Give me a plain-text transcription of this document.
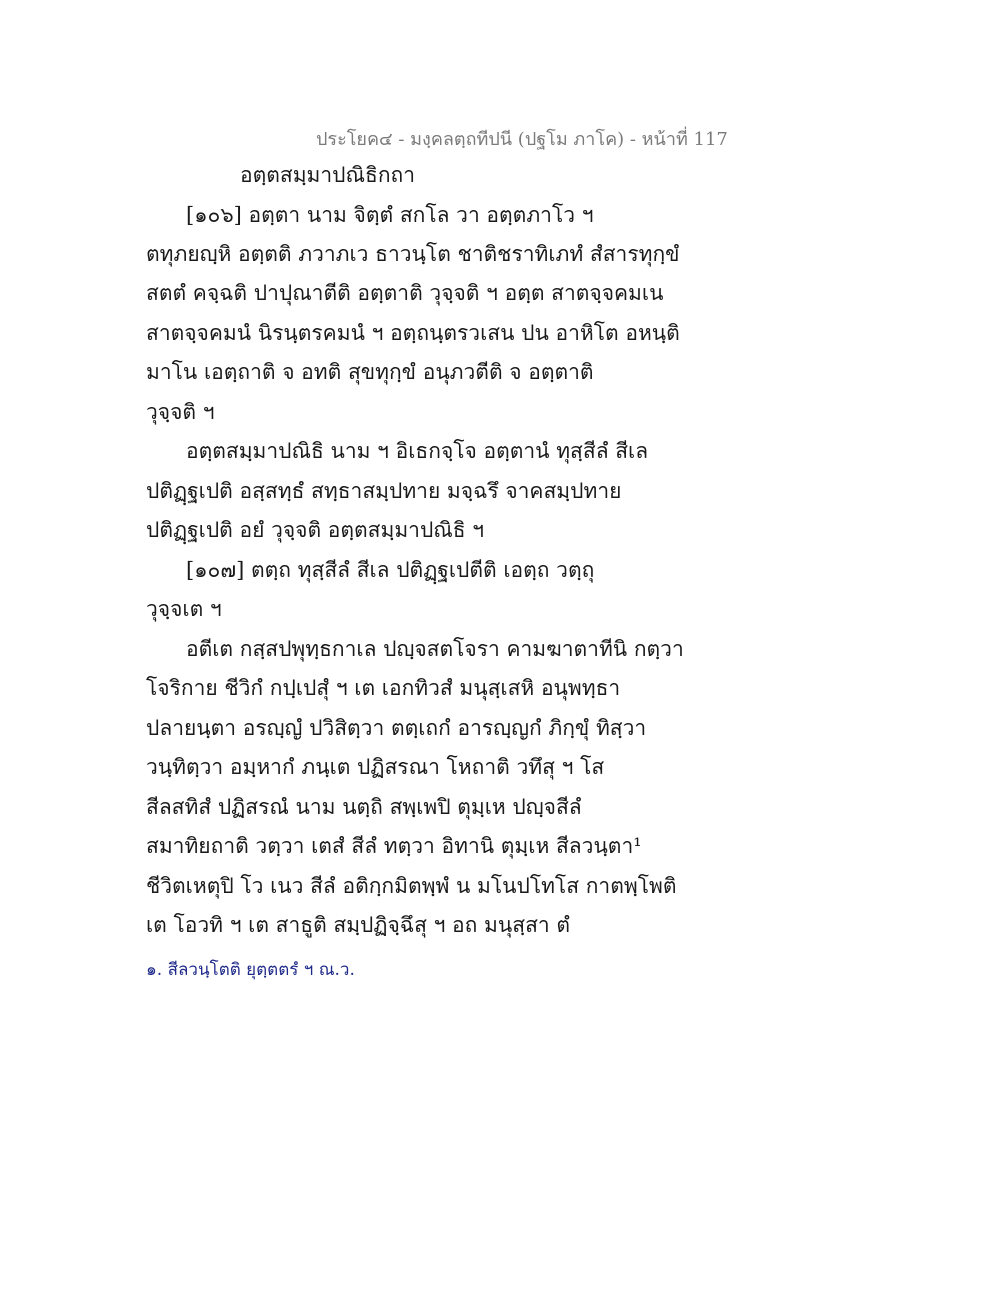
ประโยค๔ - มงฺคลตฺถทีปนี (ปฐโม ภาโค) - หน้าที่ 117
อตฺตสมฺมาปณิธิกถา
[๑๐๖] อตฺตา นาม จิตฺตํ สกโล วา อตฺตภาโว ฯ
ตทุภยญฺหิ อตฺตติ ภวาภเว ธาวนฺโต ชาติชราทิเภทํ สํสารทุกฺขํ
สตตํ คจฺฉติ ปาปุณาตีติ อตฺตาติ วุจฺจติ ฯ อตฺต สาตจฺจคมเน
สาตจฺจคมนํ นิรนฺตรคมนํ ฯ อตฺถนฺตรวเสน ปน อาหิโต อหนฺติ
มาโน เอตฺถาติ จ อทติ สุขทุกฺขํ อนุภวตีติ จ อตฺตาติ
วุจฺจติ ฯ
อตฺตสมฺมาปณิธิ นาม ฯ อิเธกจฺโจ อตฺตานํ ทุสฺสีลํ สีเล
ปติฏฺฐเปติ อสฺสทฺธํ สทฺธาสมฺปทาย มจฺฉรึ จาคสมฺปทาย
ปติฏฺฐเปติ อยํ วุจฺจติ อตฺตสมฺมาปณิธิ ฯ
[๑๐๗] ตตฺถ ทุสฺสีลํ สีเล ปติฏฺฐเปตีติ เอตฺถ วตฺถุ
วุจฺจเต ฯ
อตีเต กสฺสปพุทฺธกาเล ปญฺจสตโจรา คามฆาตาทีนิ กตฺวา
โจริกาย ชีวิกํ กปฺเปสุํ ฯ เต เอกทิวสํ มนุสฺเสหิ อนุพทฺธา
ปลายนฺตา อรญฺญํ ปวิสิตฺวา ตตฺเถกํ อารญฺญกํ ภิกฺขุํ ทิสฺวา
วนฺทิตฺวา อมฺหากํ ภนฺเต ปฏิสรณา โหถาติ วทึสุ ฯ โส
สีลสทิสํ ปฏิสรณํ นาม นตฺถิ สพฺเพปิ ตุมฺเห ปญฺจสีลํ
สมาทิยถาติ วตฺวา เตสํ สีลํ ทตฺวา อิทานิ ตุมฺเห สีลวนฺตา¹
ชีวิตเหตุปิ โว เนว สีลํ อติกฺกมิตพฺพํ น มโนปโทโส กาตพฺโพติ
เต โอวทิ ฯ เต สาธูติ สมฺปฏิจฺฉึสุ ฯ อถ มนุสฺสา ตํ
๑. สีลวนฺโตติ ยุตฺตตรํ ฯ ณ.ว.
